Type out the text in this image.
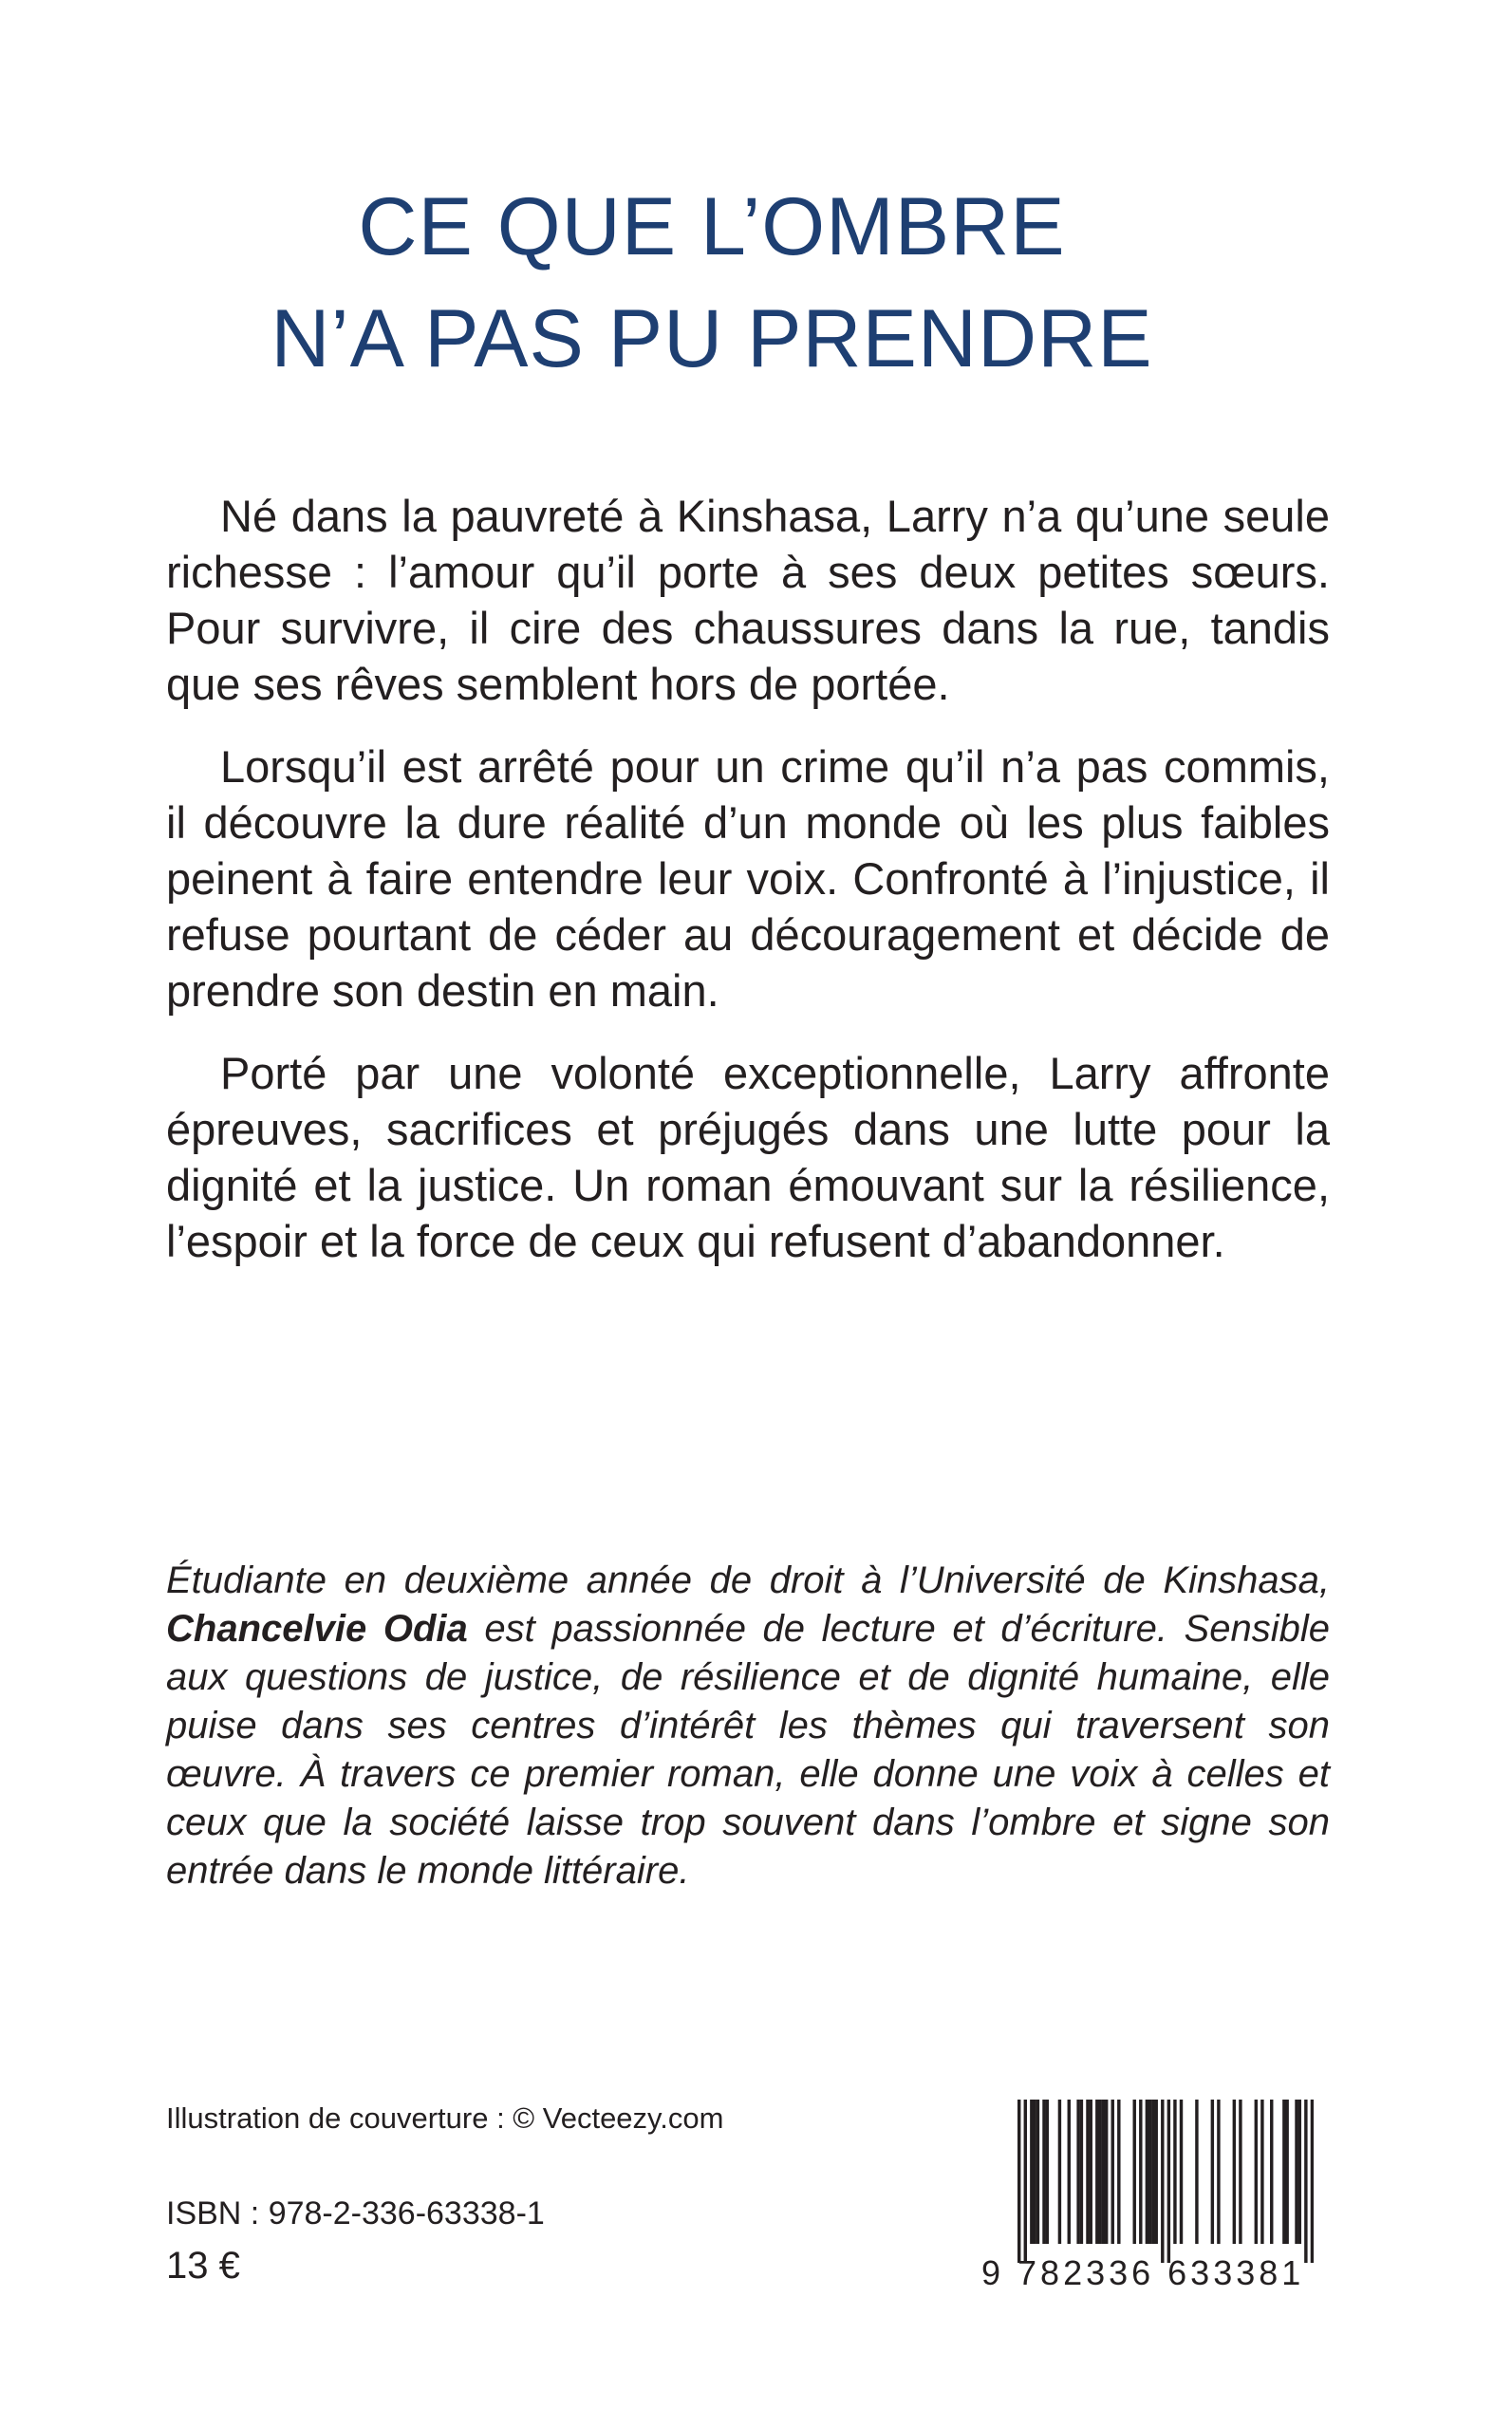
CE QUE L’OMBRE
N’A PAS PU PRENDRE

Né dans la pauvreté à Kinshasa, Larry n’a qu’une seule richesse : l’amour qu’il porte à ses deux petites sœurs. Pour survivre, il cire des chaussures dans la rue, tandis que ses rêves semblent hors de portée.

Lorsqu’il est arrêté pour un crime qu’il n’a pas commis, il découvre la dure réalité d’un monde où les plus faibles peinent à faire entendre leur voix. Confronté à l’injustice, il refuse pourtant de céder au découragement et décide de prendre son destin en main.

Porté par une volonté exceptionnelle, Larry affronte épreuves, sacrifices et préjugés dans une lutte pour la dignité et la justice. Un roman émouvant sur la résilience, l’espoir et la force de ceux qui refusent d’abandonner.

Étudiante en deuxième année de droit à l’Université de Kinshasa, Chancelvie Odia est passionnée de lecture et d’écriture. Sensible aux questions de justice, de résilience et de dignité humaine, elle puise dans ses centres d’intérêt les thèmes qui traversent son œuvre. À travers ce premier roman, elle donne une voix à celles et ceux que la société laisse trop souvent dans l’ombre et signe son entrée dans le monde littéraire.

Illustration de couverture : © Vecteezy.com

ISBN : 978-2-336-63338-1

13 €	9 782336 633381
